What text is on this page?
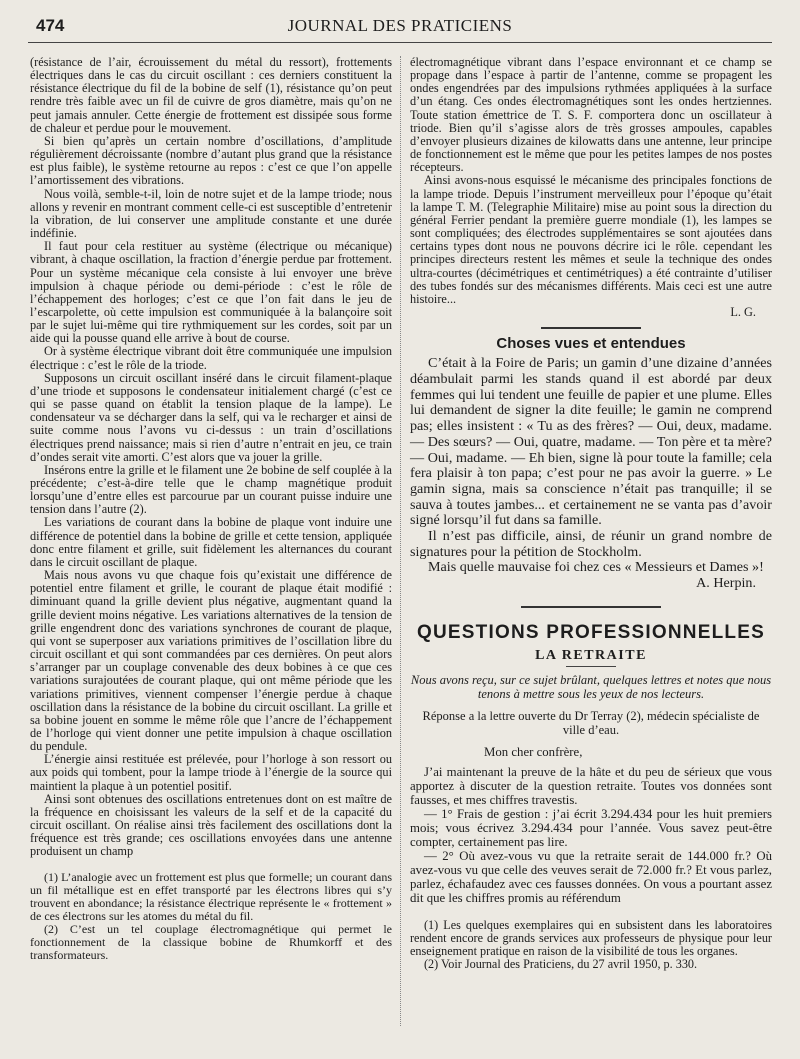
474	JOURNAL DES PRATICIENS

(résistance de l’air, écrouissement du métal du ressort), frottements électriques dans le cas du circuit oscillant : ces derniers constituent la résistance électrique du fil de la bobine de self (1), résistance qu’on peut rendre très faible avec un fil de cuivre de gros diamètre, mais qu’on ne peut jamais annuler. Cette énergie de frottement est dissipée sous forme de chaleur et perdue pour le mouvement.

Si bien qu’après un certain nombre d’oscillations, d’amplitude régulièrement décroissante (nombre d’autant plus grand que la résistance est plus faible), le système retourne au repos : c’est ce que l’on appelle l’amortissement des vibrations.

Nous voilà, semble-t-il, loin de notre sujet et de la lampe triode; nous allons y revenir en montrant comment celle-ci est susceptible d’entretenir la vibration, de lui conserver une amplitude constante et une durée indéfinie.

Il faut pour cela restituer au système (électrique ou mécanique) vibrant, à chaque oscillation, la fraction d’énergie perdue par frottement. Pour un système mécanique cela consiste à lui envoyer une brève impulsion à chaque période ou demi-période : c’est le rôle de l’échappement des horloges; c’est ce que l’on fait dans le jeu de l’escarpolette, où cette impulsion est communiquée à la balançoire soit par le sujet lui-même qui tire rythmiquement sur les cordes, soit par un aide qui la pousse quand elle arrive à bout de course.

Or à système électrique vibrant doit être communiquée une impulsion électrique : c’est le rôle de la triode.

Supposons un circuit oscillant inséré dans le circuit filament-plaque d’une triode et supposons le condensateur initialement chargé (c’est ce qui se passe quand on établit la tension plaque de la lampe). Le condensateur va se décharger dans la self, qui va le recharger et ainsi de suite comme nous l’avons vu ci-dessus : un train d’oscillations électriques prend naissance; mais si rien d’autre n’entrait en jeu, ce train d’ondes serait vite amorti. C’est alors que va jouer la grille.

Insérons entre la grille et le filament une 2e bobine de self couplée à la précédente; c’est-à-dire telle que le champ magnétique produit lorsqu’une d’entre elles est parcourue par un courant puisse induire une tension dans l’autre (2).

Les variations de courant dans la bobine de plaque vont induire une différence de potentiel dans la bobine de grille et cette tension, appliquée donc entre filament et grille, suit fidèlement les alternances du courant dans le circuit oscillant de plaque.

Mais nous avons vu que chaque fois qu’existait une différence de potentiel entre filament et grille, le courant de plaque était modifié : diminuant quand la grille devient plus négative, augmentant quand la grille devient moins négative. Les variations alternatives de la tension de grille engendrent donc des variations synchrones de courant de plaque, qui vont se superposer aux variations primitives de l’oscillation libre du circuit oscillant et qui sont commandées par ces dernières. On peut alors s’arranger par un couplage convenable des deux bobines à ce que ces variations surajoutées de courant plaque, qui ont même période que les variations primitives, viennent compenser l’énergie perdue à chaque oscillation dans la résistance de la bobine du circuit oscillant. La grille et sa bobine jouent en somme le même rôle que l’ancre de l’échappement de l’horloge qui vient donner une petite impulsion à chaque oscillation du pendule.

L’énergie ainsi restituée est prélevée, pour l’horloge à son ressort ou aux poids qui tombent, pour la lampe triode à l’énergie de la source qui maintient la plaque à un potentiel positif.

Ainsi sont obtenues des oscillations entretenues dont on est maître de la fréquence en choisissant les valeurs de la self et de la capacité du circuit oscillant. On réalise ainsi très facilement des oscillations dont la fréquence est très grande; ces oscillations envoyées dans une antenne produisent un champ

(1) L’analogie avec un frottement est plus que formelle; un courant dans un fil métallique est en effet transporté par les électrons libres qui s’y trouvent en abondance; la résistance électrique représente le « frottement » de ces électrons sur les atomes du métal du fil.

(2) C’est un tel couplage électromagnétique qui permet le fonctionnement de la classique bobine de Rhumkorff et des transformateurs.

électromagnétique vibrant dans l’espace environnant et ce champ se propage dans l’espace à partir de l’antenne, comme se propagent les ondes engendrées par des impulsions rythmées appliquées à la surface d’un étang. Ces ondes électromagnétiques sont les ondes hertziennes. Toute station émettrice de T. S. F. comportera donc un oscillateur à triode. Bien qu’il s’agisse alors de très grosses ampoules, capables d’envoyer plusieurs dizaines de kilowatts dans une antenne, leur principe de fonctionnement est le même que pour les petites lampes de nos postes récepteurs.

Ainsi avons-nous esquissé le mécanisme des principales fonctions de la lampe triode. Depuis l’instrument merveilleux pour l’époque qu’était la lampe T. M. (Telegraphie Militaire) mise au point sous la direction du général Ferrier pendant la première guerre mondiale (1), les lampes se sont compliquées; des électrodes supplémentaires se sont ajoutées dans certains types dont nous ne pouvons décrire ici le rôle. cependant les principes directeurs restent les mêmes et seule la technique des ondes ultra-courtes (décimétriques et centimétriques) a été contrainte d’utiliser des tubes fondés sur des mécanismes différents. Mais ceci est une autre histoire...

L. G.

Choses vues et entendues

C’était à la Foire de Paris; un gamin d’une dizaine d’années déambulait parmi les stands quand il est abordé par deux femmes qui lui tendent une feuille de papier et une plume. Elles lui demandent de signer la dite feuille; le gamin ne comprend pas; elles insistent : « Tu as des frères? — Oui, deux, madame. — Des sœurs? — Oui, quatre, madame. — Ton père et ta mère? — Oui, madame. — Eh bien, signe là pour toute la famille; cela fera plaisir à ton papa; c’est pour ne pas avoir la guerre. » Le gamin signa, mais sa conscience n’était pas tranquille; il se sauva à toutes jambes... et certainement ne se vanta pas d’avoir signé lorsqu’il fut dans sa famille.

Il n’est pas difficile, ainsi, de réunir un grand nombre de signatures pour la pétition de Stockholm.

Mais quelle mauvaise foi chez ces « Messieurs et Dames »!

A. Herpin.

QUESTIONS PROFESSIONNELLES
LA RETRAITE

Nous avons reçu, sur ce sujet brûlant, quelques lettres et notes que nous tenons à mettre sous les yeux de nos lecteurs.

Réponse a la lettre ouverte du Dr Terray (2), médecin spécialiste de ville d’eau.

Mon cher confrère,

J’ai maintenant la preuve de la hâte et du peu de sérieux que vous apportez à discuter de la question retraite. Toutes vos données sont fausses, et mes chiffres travestis.

— 1° Frais de gestion : j’ai écrit 3.294.434 pour les huit premiers mois; vous écrivez 3.294.434 pour l’année. Vous savez peut-être compter, certainement pas lire.

— 2° Où avez-vous vu que la retraite serait de 144.000 fr.? Où avez-vous vu que celle des veuves serait de 72.000 fr.? Et vous parlez, parlez, échafaudez avec ces fausses données. On vous a pourtant assez dit que les chiffres promis au référendum

(1) Les quelques exemplaires qui en subsistent dans les laboratoires rendent encore de grands services aux professeurs de physique pour leur enseignement pratique en raison de la visibilité de tous les organes.

(2) Voir Journal des Praticiens, du 27 avril 1950, p. 330.
